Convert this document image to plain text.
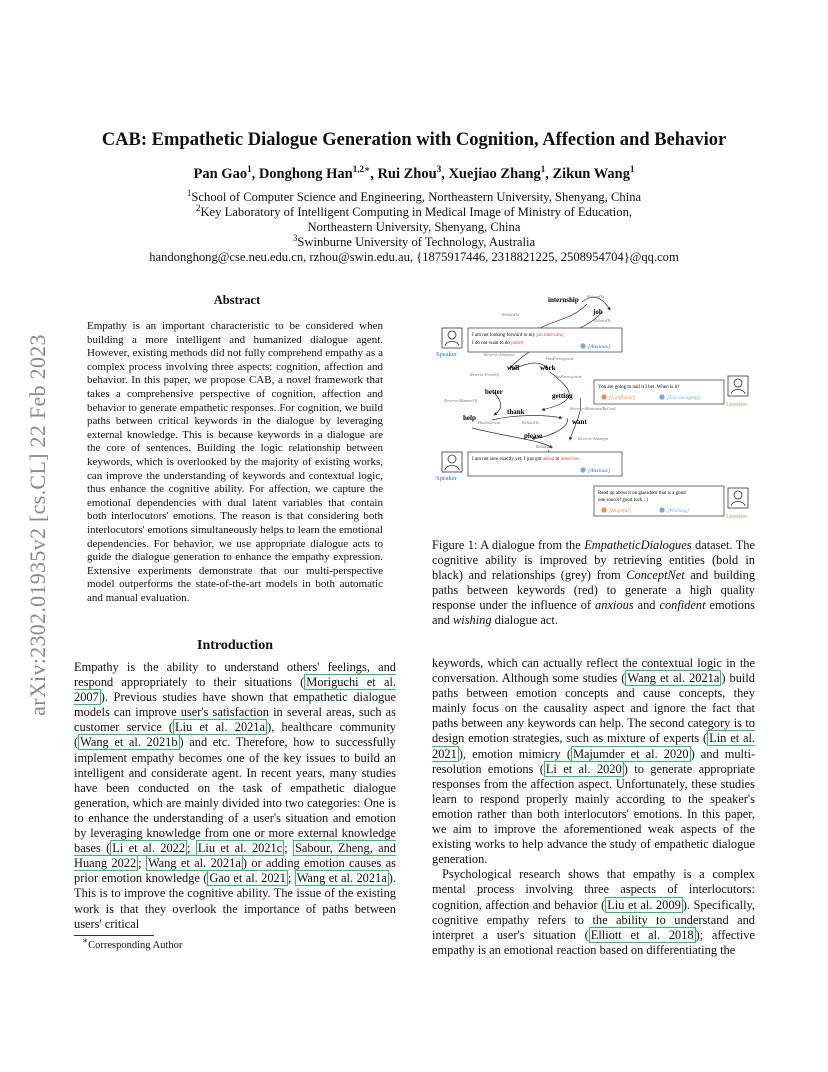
arXiv:2302.01935v2 [cs.CL] 22 Feb 2023
CAB: Empathetic Dialogue Generation with Cognition, Affection and Behavior
Pan Gao$^1$, Donghong Han$^{1,2∗}$, Rui Zhou$^3$, Xuejiao Zhang$^1$, Zikun Wang$^1$
$^1$School of Computer Science and Engineering, Northeastern University, Shenyang, China
$^2$Key Laboratory of Intelligent Computing in Medical Image of Ministry of Education,
Northeastern University, Shenyang, China
$^3$Swinburne University of Technology, Australia
handonghong@cse.neu.edu.cn, rzhou@swin.edu.au, {1875917446, 2318821225, 2508954704}@qq.com
Abstract
Empathy is an important characteristic to be considered when building a more intelligent and humanized dialogue agent. However, existing methods did not fully comprehend empathy as a complex process involving three aspects: cognition, affection and behavior. In this paper, we propose CAB, a novel framework that takes a comprehensive perspective of cognition, affection and behavior to generate empathetic responses. For cognition, we build paths between critical keywords in the dialogue by leveraging external knowledge. This is because keywords in a dialogue are the core of sentences. Building the logic relationship between keywords, which is overlooked by the majority of existing works, can improve the understanding of keywords and contextual logic, thus enhance the cognitive ability. For affection, we capture the emotional dependencies with dual latent variables that contain both interlocutors' emotions. The reason is that considering both interlocutors' emotions simultaneously helps to learn the emotional dependencies. For behavior, we use appropriate dialogue acts to guide the dialogue generation to enhance the empathy expression. Extensive experiments demonstrate that our multi-perspective model outperforms the state-of-the-art models in both automatic and manual evaluation.
internship
job
well	work
better	getting
help
thank
want
please
RelatedTo
RelatedTo
Reverse-Antonym
HasPrerequisite
Reverse-FormOf	HasPrerequisite
Reverse-MannerOf
Reverse-MotivatedByGoal
HasSubevent	RelatedTo
RelatedTo
Reverse-Antonym
RelatedTo
Speaker
I am not looking forward to my job interview,
I do not want to do poorly
[Anxious]
You are going to nail it I bet. When is it?
[Confident]	[Encouraging]
Listener
Speaker
I am not sure exactly yet, I just got asked to interview
[Anxious]
Read up about it on glassdoor that is a good
one source! good luck : )
[Hopeful]	[Wishing]
Listener
Figure 1: A dialogue from the EmpatheticDialogues dataset. The cognitive ability is improved by retrieving entities (bold in black) and relationships (grey) from ConceptNet and building paths between keywords (red) to generate a high quality response under the influence of anxious and confident emotions and wishing dialogue act.
Introduction
Empathy is the ability to understand others' feelings, and respond appropriately to their situations ( Moriguchi et al. 2007 ). Previous studies have shown that empathetic dialogue models can improve user's satisfaction in several areas, such as customer service ( Liu et al. 2021a ), healthcare community ( Wang et al. 2021b ) and etc. Therefore, how to successfully implement empathy becomes one of the key issues to build an intelligent and considerate agent. In recent years, many studies have been conducted on the task of empathetic dialogue generation, which are mainly divided into two categories: One is to enhance the understanding of a user's situation and emotion by leveraging knowledge from one or more external knowledge bases ( Li et al. 2022 ; Liu et al. 2021c ; Sabour, Zheng, and Huang 2022 ; Wang et al. 2021a ) or adding emotion causes as prior emotion knowledge ( Gao et al. 2021 ; Wang et al. 2021a ). This is to improve the cognitive ability. The issue of the existing work is that they overlook the importance of paths between users' critical

keywords, which can actually reflect the contextual logic in the conversation. Although some studies ( Wang et al. 2021a ) build paths between emotion concepts and cause concepts, they mainly focus on the causality aspect and ignore the fact that paths between any keywords can help. The second category is to design emotion strategies, such as mixture of experts ( Lin et al. 2021 ), emotion mimicry ( Majumder et al. 2020 ) and multi-resolution emotions ( Li et al. 2020 ) to generate appropriate responses from the affection aspect. Unfortunately, these studies learn to respond properly mainly according to the speaker's emotion rather than both interlocutors' emotions. In this paper, we aim to improve the aforementioned weak aspects of the existing works to help advance the study of empathetic dialogue generation.

Psychological research shows that empathy is a complex mental process involving three aspects of interlocutors: cognition, affection and behavior ( Liu et al. 2009 ). Specifically, cognitive empathy refers to the ability to understand and interpret a user's situation ( Elliott et al. 2018 ); affective empathy is an emotional reaction based on differentiating the

∗Corresponding Author
